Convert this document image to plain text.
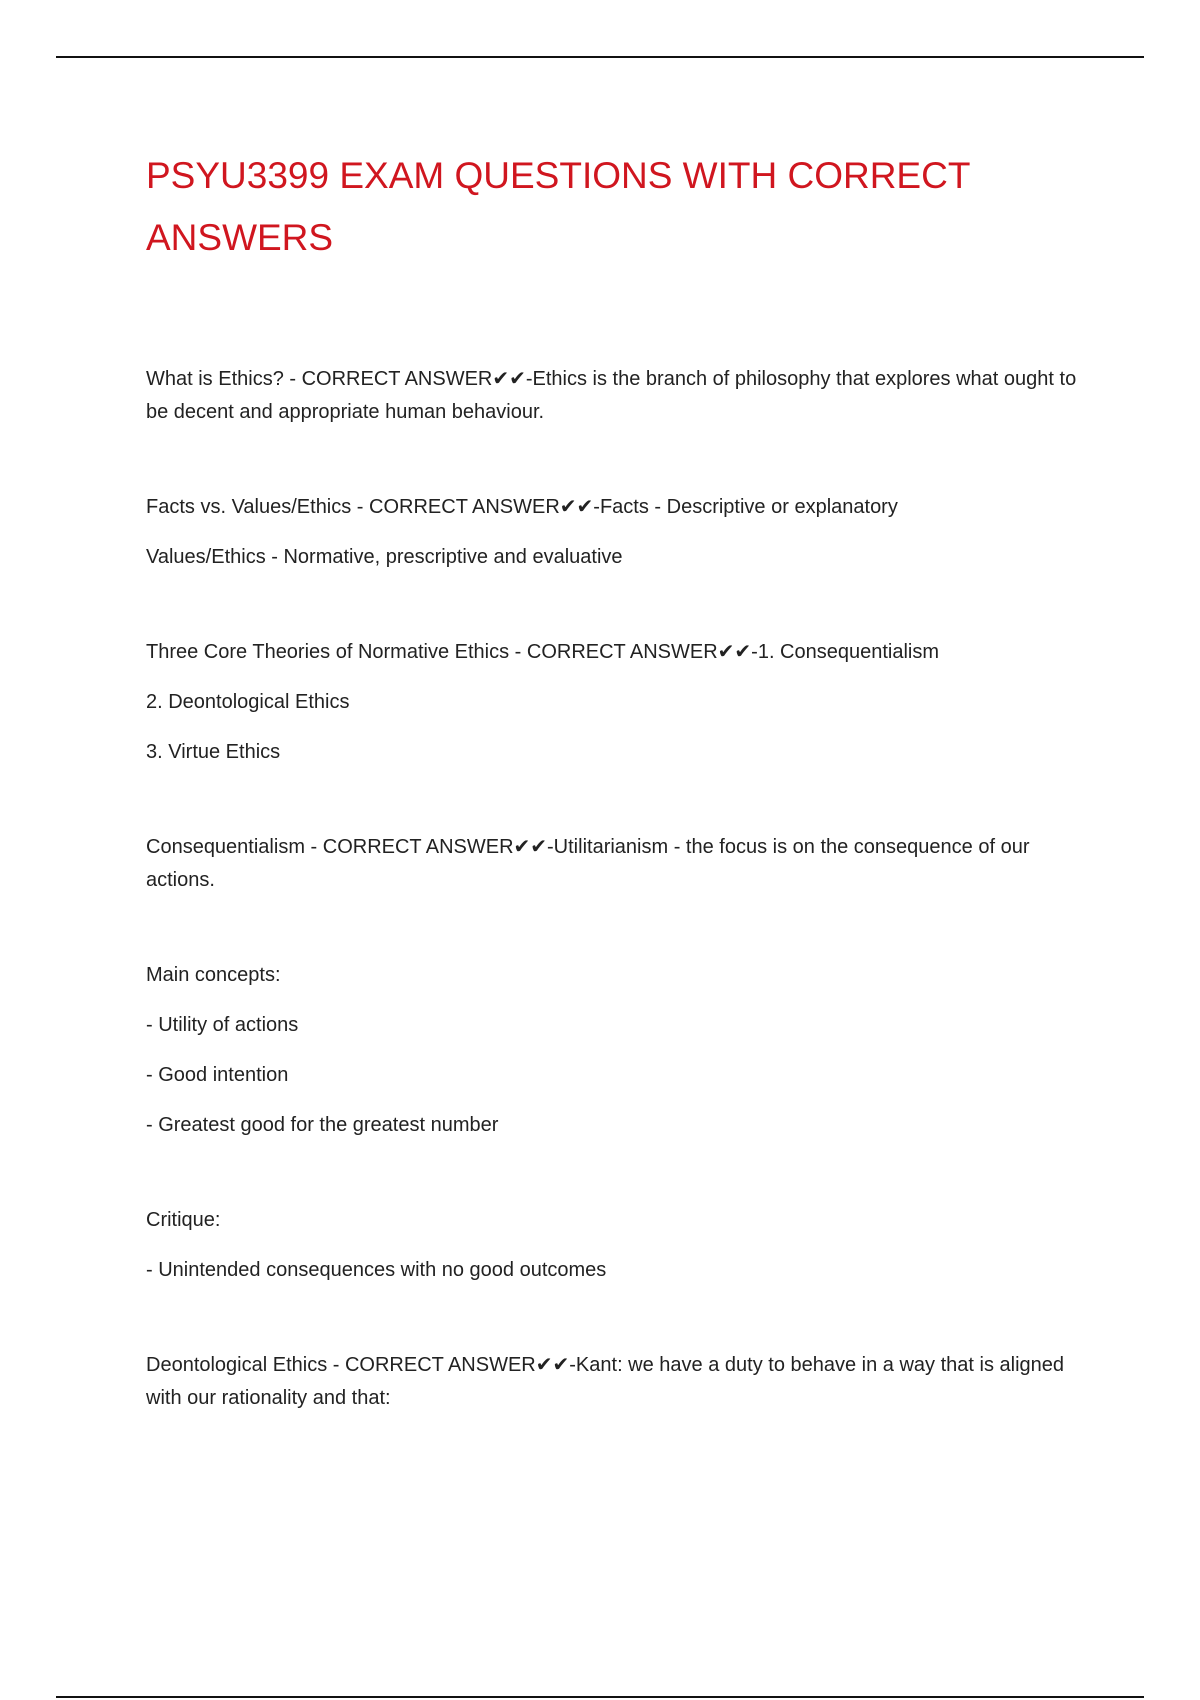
PSYU3399 EXAM QUESTIONS WITH CORRECT ANSWERS

What is Ethics? - CORRECT ANSWER✔✔-Ethics is the branch of philosophy that explores what ought to be decent and appropriate human behaviour.

Facts vs. Values/Ethics - CORRECT ANSWER✔✔-Facts - Descriptive or explanatory

Values/Ethics - Normative, prescriptive and evaluative

Three Core Theories of Normative Ethics - CORRECT ANSWER✔✔-1. Consequentialism

2. Deontological Ethics

3. Virtue Ethics

Consequentialism - CORRECT ANSWER✔✔-Utilitarianism - the focus is on the consequence of our actions.

Main concepts:

- Utility of actions

- Good intention

- Greatest good for the greatest number

Critique:

- Unintended consequences with no good outcomes

Deontological Ethics - CORRECT ANSWER✔✔-Kant: we have a duty to behave in a way that is aligned with our rationality and that:
